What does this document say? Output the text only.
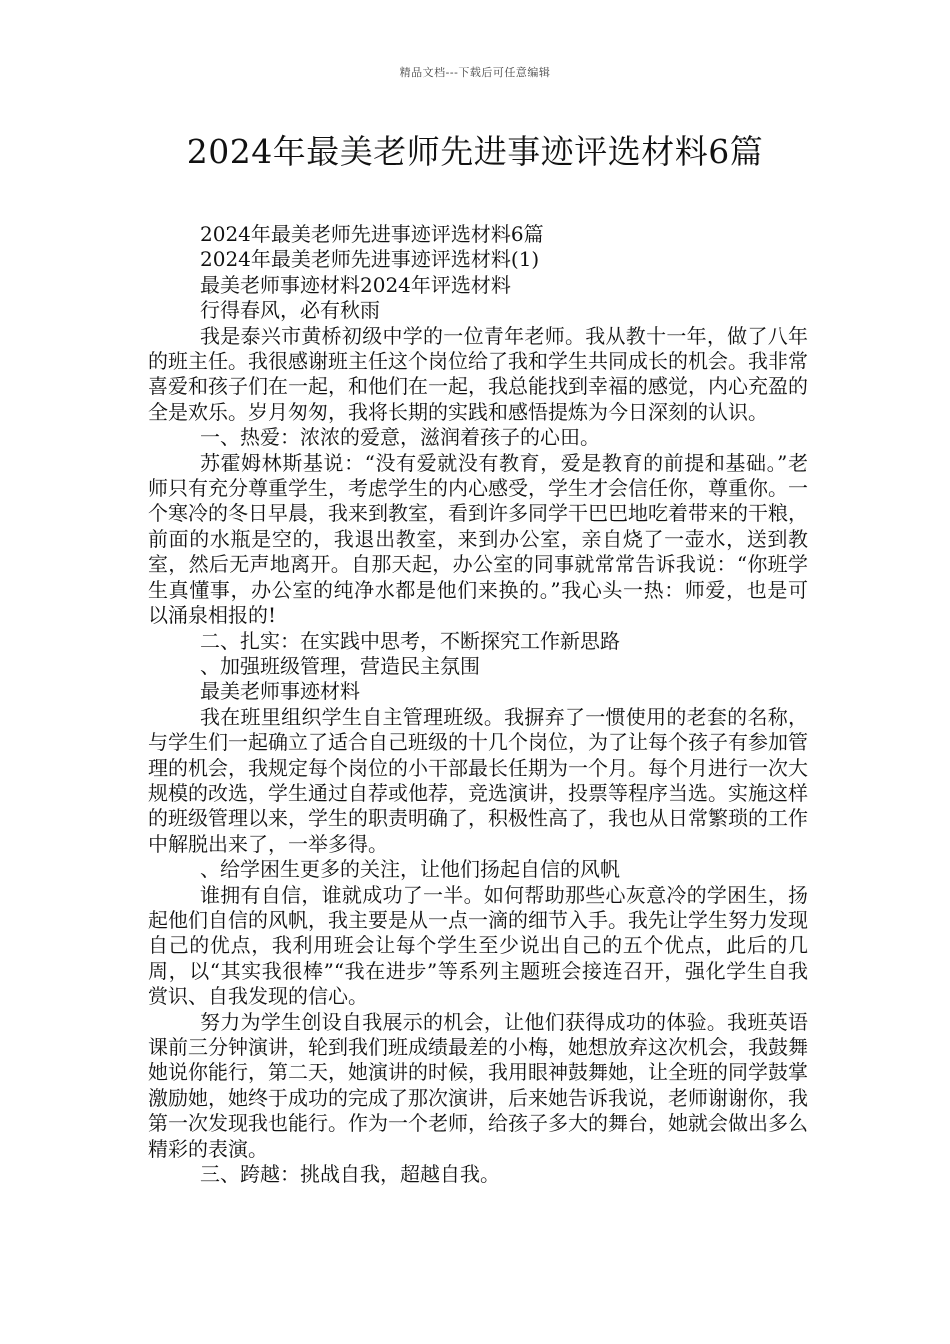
精品文档---下载后可任意编辑
2024年最美老师先进事迹评选材料6篇

2024年最美老师先进事迹评选材料6篇

2024年最美老师先进事迹评选材料(1)

最美老师事迹材料2024年评选材料

行得春风，必有秋雨

我是泰兴市黄桥初级中学的一位青年老师。我从教十一年，做了八年的班主任。我很感谢班主任这个岗位给了我和学生共同成长的机会。我非常喜爱和孩子们在一起，和他们在一起，我总能找到幸福的感觉，内心充盈的全是欢乐。岁月匆匆，我将长期的实践和感悟提炼为今日深刻的认识。

一、热爱：浓浓的爱意，滋润着孩子的心田。

苏霍姆林斯基说：“没有爱就没有教育，爱是教育的前提和基础。”老师只有充分尊重学生，考虑学生的内心感受，学生才会信任你，尊重你。一个寒冷的冬日早晨，我来到教室，看到许多同学干巴巴地吃着带来的干粮，前面的水瓶是空的，我退出教室，来到办公室，亲自烧了一壶水，送到教室，然后无声地离开。自那天起，办公室的同事就常常告诉我说：“你班学生真懂事，办公室的纯净水都是他们来换的。”我心头一热：师爱，也是可以涌泉相报的!

二、扎实：在实践中思考，不断探究工作新思路

、加强班级管理，营造民主氛围

最美老师事迹材料

我在班里组织学生自主管理班级。我摒弃了一惯使用的老套的名称，与学生们一起确立了适合自己班级的十几个岗位，为了让每个孩子有参加管理的机会，我规定每个岗位的小干部最长任期为一个月。每个月进行一次大规模的改选，学生通过自荐或他荐，竞选演讲，投票等程序当选。实施这样的班级管理以来，学生的职责明确了，积极性高了，我也从日常繁琐的工作中解脱出来了，一举多得。

、给学困生更多的关注，让他们扬起自信的风帆

谁拥有自信，谁就成功了一半。如何帮助那些心灰意冷的学困生，扬起他们自信的风帆，我主要是从一点一滴的细节入手。我先让学生努力发现自己的优点，我利用班会让每个学生至少说出自己的五个优点，此后的几周，以“其实我很棒”“我在进步”等系列主题班会接连召开，强化学生自我赏识、自我发现的信心。

努力为学生创设自我展示的机会，让他们获得成功的体验。我班英语课前三分钟演讲，轮到我们班成绩最差的小梅，她想放弃这次机会，我鼓舞她说你能行，第二天，她演讲的时候，我用眼神鼓舞她，让全班的同学鼓掌激励她，她终于成功的完成了那次演讲，后来她告诉我说，老师谢谢你，我第一次发现我也能行。作为一个老师，给孩子多大的舞台，她就会做出多么精彩的表演。

三、跨越：挑战自我，超越自我。
